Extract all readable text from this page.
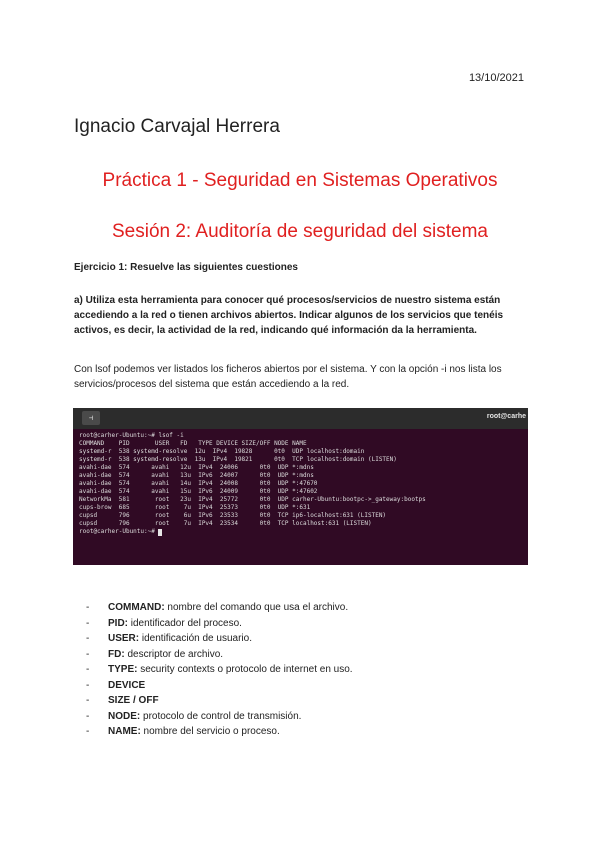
13/10/2021
Ignacio Carvajal Herrera
Práctica 1 - Seguridad en Sistemas Operativos
Sesión 2: Auditoría de seguridad del sistema
Ejercicio 1: Resuelve las siguientes cuestiones
a) Utiliza esta herramienta para conocer qué procesos/servicios de nuestro sistema están accediendo a la red o tienen archivos abiertos. Indicar algunos de los servicios que tenéis activos, es decir, la actividad de la red, indicando qué información da la herramienta.
Con lsof podemos ver listados los ficheros abiertos por el sistema. Y con la opción -i nos lista los servicios/procesos del sistema que están accediendo a la red.
⊣	root@carhe
root@carher-Ubuntu:~# lsof -i
COMMAND    PID       USER   FD   TYPE DEVICE SIZE/OFF NODE NAME
systemd-r  538 systemd-resolve  12u  IPv4  19828      0t0  UDP localhost:domain
systemd-r  538 systemd-resolve  13u  IPv4  19821      0t0  TCP localhost:domain (LISTEN)
avahi-dae  574      avahi   12u  IPv4  24006      0t0  UDP *:mdns
avahi-dae  574      avahi   13u  IPv6  24007      0t0  UDP *:mdns
avahi-dae  574      avahi   14u  IPv4  24008      0t0  UDP *:47670
avahi-dae  574      avahi   15u  IPv6  24009      0t0  UDP *:47602
NetworkMa  581       root   23u  IPv4  25772      0t0  UDP carher-Ubuntu:bootpc->_gateway:bootps
cups-brow  685       root    7u  IPv4  25373      0t0  UDP *:631
cupsd      796       root    6u  IPv6  23533      0t0  TCP ip6-localhost:631 (LISTEN)
cupsd      796       root    7u  IPv4  23534      0t0  TCP localhost:631 (LISTEN)
root@carher-Ubuntu:~#
- COMMAND: nombre del comando que usa el archivo.
- PID: identificador del proceso.
- USER: identificación de usuario.
- FD: descriptor de archivo.
- TYPE: security contexts o protocolo de internet en uso.
- DEVICE
- SIZE / OFF
- NODE: protocolo de control de transmisión.
- NAME: nombre del servicio o proceso.
